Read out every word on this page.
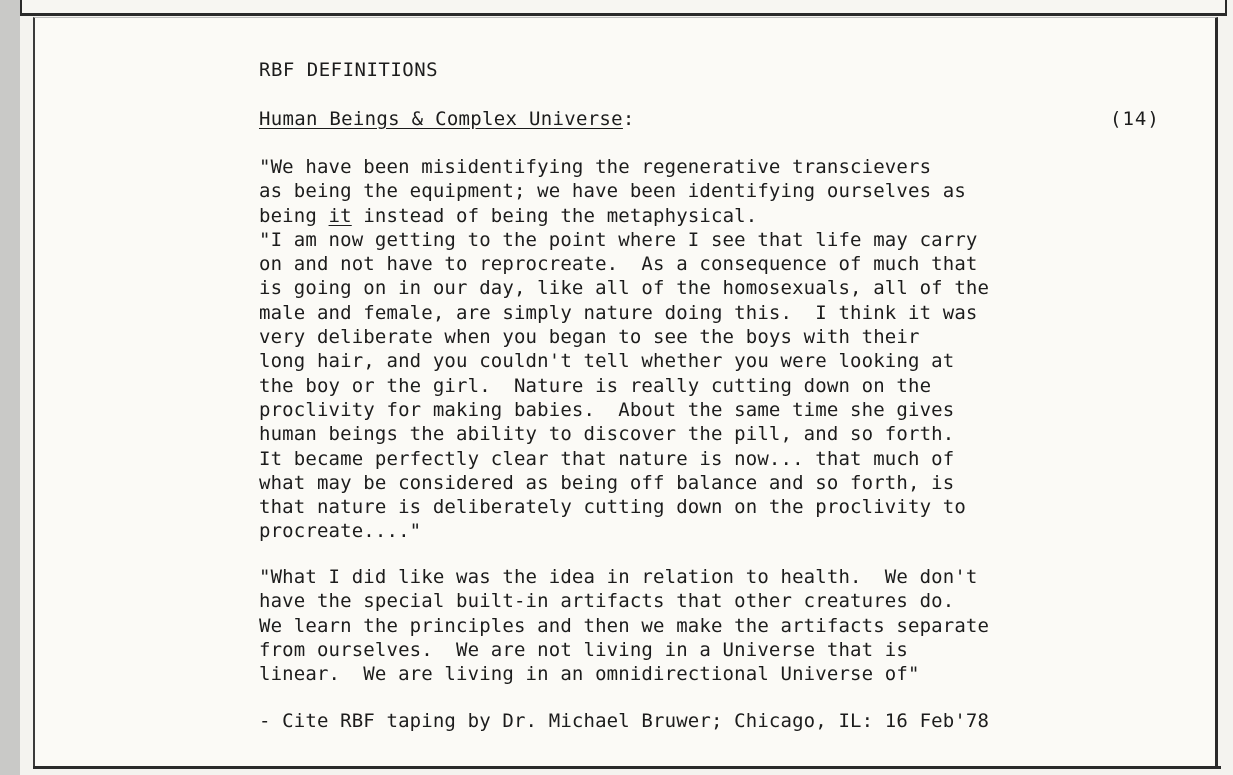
RBF DEFINITIONS
Human Beings & Complex Universe:	(14)
"We have been misidentifying the regenerative transcievers
as being the equipment; we have been identifying ourselves as
being it instead of being the metaphysical.
"I am now getting to the point where I see that life may carry
on and not have to reprocreate.  As a consequence of much that
is going on in our day, like all of the homosexuals, all of the
male and female, are simply nature doing this.  I think it was
very deliberate when you began to see the boys with their
long hair, and you couldn't tell whether you were looking at
the boy or the girl.  Nature is really cutting down on the
proclivity for making babies.  About the same time she gives
human beings the ability to discover the pill, and so forth.
It became perfectly clear that nature is now... that much of
what may be considered as being off balance and so forth, is
that nature is deliberately cutting down on the proclivity to
procreate...."
"What I did like was the idea in relation to health.  We don't
have the special built-in artifacts that other creatures do.
We learn the principles and then we make the artifacts separate
from ourselves.  We are not living in a Universe that is
linear.  We are living in an omnidirectional Universe of"
- Cite RBF taping by Dr. Michael Bruwer; Chicago, IL: 16 Feb'78
